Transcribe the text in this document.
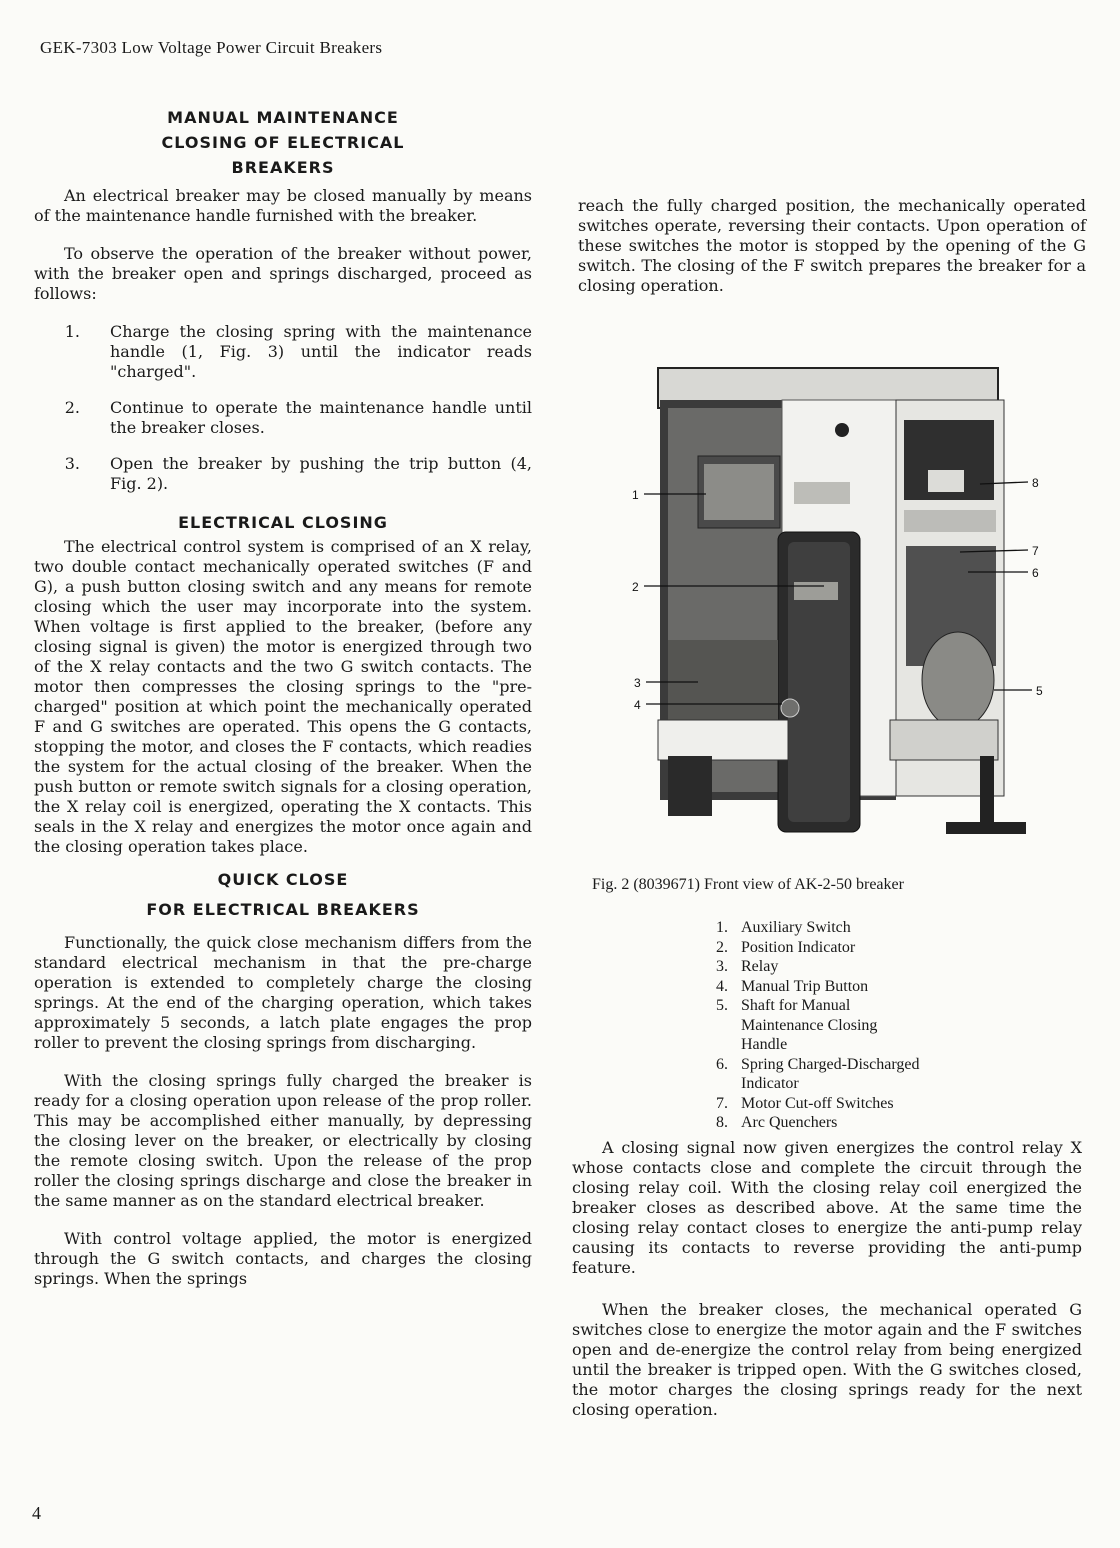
GEK-7303 Low Voltage Power Circuit Breakers
MANUAL MAINTENANCE
CLOSING OF ELECTRICAL
BREAKERS

An electrical breaker may be closed manually by means of the maintenance handle furnished with the breaker.

To observe the operation of the breaker without power, with the breaker open and springs discharged, proceed as follows:

1.	Charge the closing spring with the maintenance handle (1, Fig. 3) until the indicator reads "charged".
2.	Continue to operate the maintenance handle until the breaker closes.
3.	Open the breaker by pushing the trip button (4, Fig. 2).
ELECTRICAL CLOSING

The electrical control system is comprised of an X relay, two double contact mechanically operated switches (F and G), a push button closing switch and any means for remote closing which the user may incorporate into the system. When voltage is first applied to the breaker, (before any closing signal is given) the motor is energized through two of the X relay contacts and the two G switch contacts. The motor then compresses the closing springs to the "pre-charged" position at which point the mechanically operated F and G switches are operated. This opens the G contacts, stopping the motor, and closes the F contacts, which readies the system for the actual closing of the breaker. When the push button or remote switch signals for a closing operation, the X relay coil is energized, operating the X contacts. This seals in the X relay and energizes the motor once again and the closing operation takes place.

QUICK CLOSE
FOR ELECTRICAL BREAKERS

Functionally, the quick close mechanism differs from the standard electrical mechanism in that the pre-charge operation is extended to completely charge the closing springs. At the end of the charging operation, which takes approximately 5 seconds, a latch plate engages the prop roller to prevent the closing springs from discharging.

With the closing springs fully charged the breaker is ready for a closing operation upon release of the prop roller. This may be accomplished either manually, by depressing the closing lever on the breaker, or electrically by closing the remote closing switch. Upon the release of the prop roller the closing springs discharge and close the breaker in the same manner as on the standard electrical breaker.

With control voltage applied, the motor is energized through the G switch contacts, and charges the closing springs. When the springs

reach the fully charged position, the mechanically operated switches operate, reversing their contacts. Upon operation of these switches the motor is stopped by the opening of the G switch. The closing of the F switch prepares the breaker for a closing operation.

1
2
3
4
5
6
7
8
Fig. 2 (8039671) Front view of AK-2-50 breaker
1. Auxiliary Switch
2. Position Indicator
3. Relay
4. Manual Trip Button
5. Shaft for Manual Maintenance Closing Handle
6. Spring Charged-Discharged Indicator
7. Motor Cut-off Switches
8. Arc Quenchers

A closing signal now given energizes the control relay X whose contacts close and complete the circuit through the closing relay coil. With the closing relay coil energized the breaker closes as described above. At the same time the closing relay contact closes to energize the anti-pump relay causing its contacts to reverse providing the anti-pump feature.

When the breaker closes, the mechanical operated G switches close to energize the motor again and the F switches open and de-energize the control relay from being energized until the breaker is tripped open. With the G switches closed, the motor charges the closing springs ready for the next closing operation.

4
